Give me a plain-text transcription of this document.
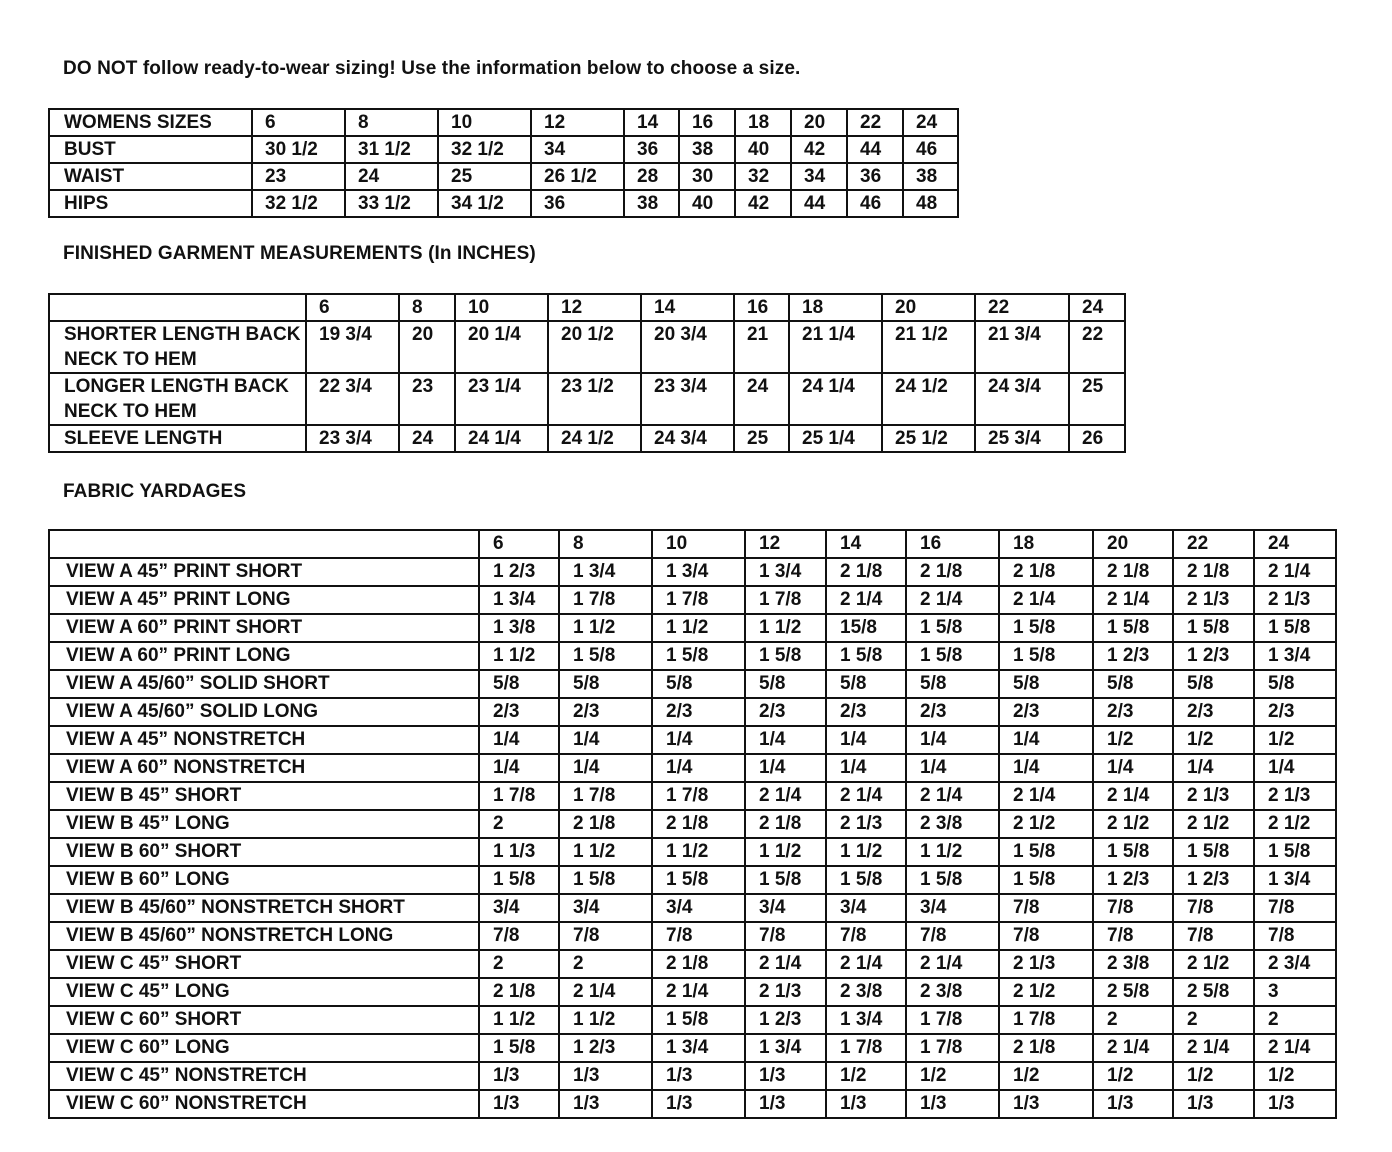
DO NOT follow ready-to-wear sizing! Use the information below to choose a size.

WOMENS SIZES	6	8	10	12	14	16	18	20	22	24
BUST	30 1/2	31 1/2	32 1/2	34	36	38	40	42	44	46
WAIST	23	24	25	26 1/2	28	30	32	34	36	38
HIPS	32 1/2	33 1/2	34 1/2	36	38	40	42	44	46	48

FINISHED GARMENT MEASUREMENTS (In INCHES)

	6	8	10	12	14	16	18	20	22	24
SHORTER LENGTH BACK NECK TO HEM	19 3/4	20	20 1/4	20 1/2	20 3/4	21	21 1/4	21 1/2	21 3/4	22
LONGER LENGTH BACK NECK TO HEM	22 3/4	23	23 1/4	23 1/2	23 3/4	24	24 1/4	24 1/2	24 3/4	25
SLEEVE LENGTH	23 3/4	24	24 1/4	24 1/2	24 3/4	25	25 1/4	25 1/2	25 3/4	26

FABRIC YARDAGES

	6	8	10	12	14	16	18	20	22	24
VIEW A 45” PRINT SHORT	1 2/3	1 3/4	1 3/4	1 3/4	2 1/8	2 1/8	2 1/8	2 1/8	2 1/8	2 1/4
VIEW A 45” PRINT LONG	1 3/4	1 7/8	1 7/8	1 7/8	2 1/4	2 1/4	2 1/4	2 1/4	2 1/3	2 1/3
VIEW A 60” PRINT SHORT	1 3/8	1 1/2	1 1/2	1 1/2	15/8	1 5/8	1 5/8	1 5/8	1 5/8	1 5/8
VIEW A 60” PRINT LONG	1 1/2	1 5/8	1 5/8	1 5/8	1 5/8	1 5/8	1 5/8	1 2/3	1 2/3	1 3/4
VIEW A 45/60” SOLID SHORT	5/8	5/8	5/8	5/8	5/8	5/8	5/8	5/8	5/8	5/8
VIEW A 45/60” SOLID LONG	2/3	2/3	2/3	2/3	2/3	2/3	2/3	2/3	2/3	2/3
VIEW A 45” NONSTRETCH	1/4	1/4	1/4	1/4	1/4	1/4	1/4	1/2	1/2	1/2
VIEW A 60” NONSTRETCH	1/4	1/4	1/4	1/4	1/4	1/4	1/4	1/4	1/4	1/4
VIEW B 45” SHORT	1 7/8	1 7/8	1 7/8	2 1/4	2 1/4	2 1/4	2 1/4	2 1/4	2 1/3	2 1/3
VIEW B 45” LONG	2	2 1/8	2 1/8	2 1/8	2 1/3	2 3/8	2 1/2	2 1/2	2 1/2	2 1/2
VIEW B 60” SHORT	1 1/3	1 1/2	1 1/2	1 1/2	1 1/2	1 1/2	1 5/8	1 5/8	1 5/8	1 5/8
VIEW B 60” LONG	1 5/8	1 5/8	1 5/8	1 5/8	1 5/8	1 5/8	1 5/8	1 2/3	1 2/3	1 3/4
VIEW B 45/60” NONSTRETCH SHORT	3/4	3/4	3/4	3/4	3/4	3/4	7/8	7/8	7/8	7/8
VIEW B 45/60” NONSTRETCH LONG	7/8	7/8	7/8	7/8	7/8	7/8	7/8	7/8	7/8	7/8
VIEW C 45” SHORT	2	2	2 1/8	2 1/4	2 1/4	2 1/4	2 1/3	2 3/8	2 1/2	2 3/4
VIEW C 45” LONG	2 1/8	2 1/4	2 1/4	2 1/3	2 3/8	2 3/8	2 1/2	2 5/8	2 5/8	3
VIEW C 60” SHORT	1 1/2	1 1/2	1 5/8	1 2/3	1 3/4	1 7/8	1 7/8	2	2	2
VIEW C 60” LONG	1 5/8	1 2/3	1 3/4	1 3/4	1 7/8	1 7/8	2 1/8	2 1/4	2 1/4	2 1/4
VIEW C 45” NONSTRETCH	1/3	1/3	1/3	1/3	1/2	1/2	1/2	1/2	1/2	1/2
VIEW C 60” NONSTRETCH	1/3	1/3	1/3	1/3	1/3	1/3	1/3	1/3	1/3	1/3
